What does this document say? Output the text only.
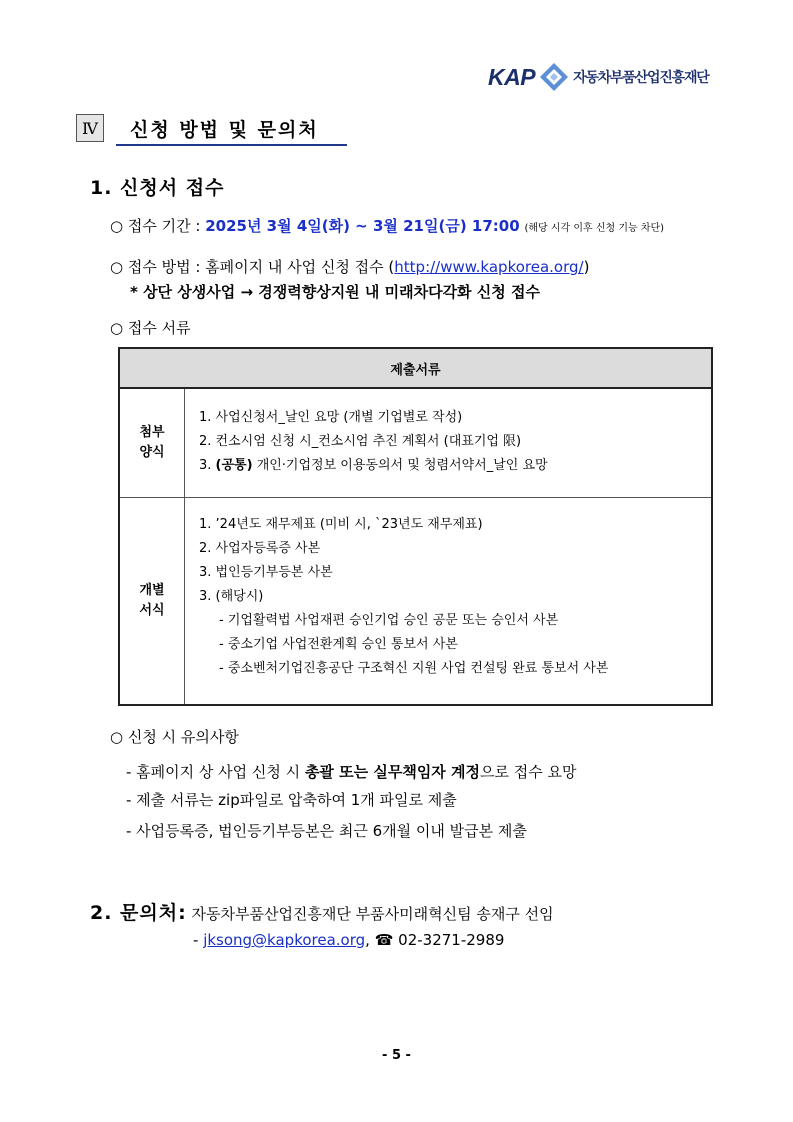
KAP	자동차부품산업진흥재단
Ⅳ	신청 방법 및 문의처
1. 신청서 접수
○ 접수 기간 : 2025년 3월 4일(화) ~ 3월 21일(금) 17:00 (해당 시각 이후 신청 기능 차단)
○ 접수 방법 : 홈페이지 내 사업 신청 접수 (http://www.kapkorea.org/)
* 상단 상생사업 → 경쟁력향상지원 내 미래차다각화 신청 접수
○ 접수 서류
제출서류
첨부
양식
1. 사업신청서_날인 요망 (개별 기업별로 작성)
2. 컨소시엄 신청 시_컨소시엄 추진 계획서 (대표기업 限)
3. (공통) 개인·기업정보 이용동의서 및 청렴서약서_날인 요망
개별
서식
1. ’24년도 재무제표 (미비 시, `23년도 재무제표)
2. 사업자등록증 사본
3. 법인등기부등본 사본
3. (해당시)
- 기업활력법 사업재편 승인기업 승인 공문 또는 승인서 사본
- 중소기업 사업전환계획 승인 통보서 사본
- 중소벤처기업진흥공단 구조혁신 지원 사업 컨설팅 완료 통보서 사본
○ 신청 시 유의사항
- 홈페이지 상 사업 신청 시 총괄 또는 실무책임자 계정으로 접수 요망
- 제출 서류는 zip파일로 압축하여 1개 파일로 제출
- 사업등록증, 법인등기부등본은 최근 6개월 이내 발급본 제출
2. 문의처: 자동차부품산업진흥재단 부품사미래혁신팀 송재구 선임
- jksong@kapkorea.org, ☎ 02-3271-2989
- 5 -
